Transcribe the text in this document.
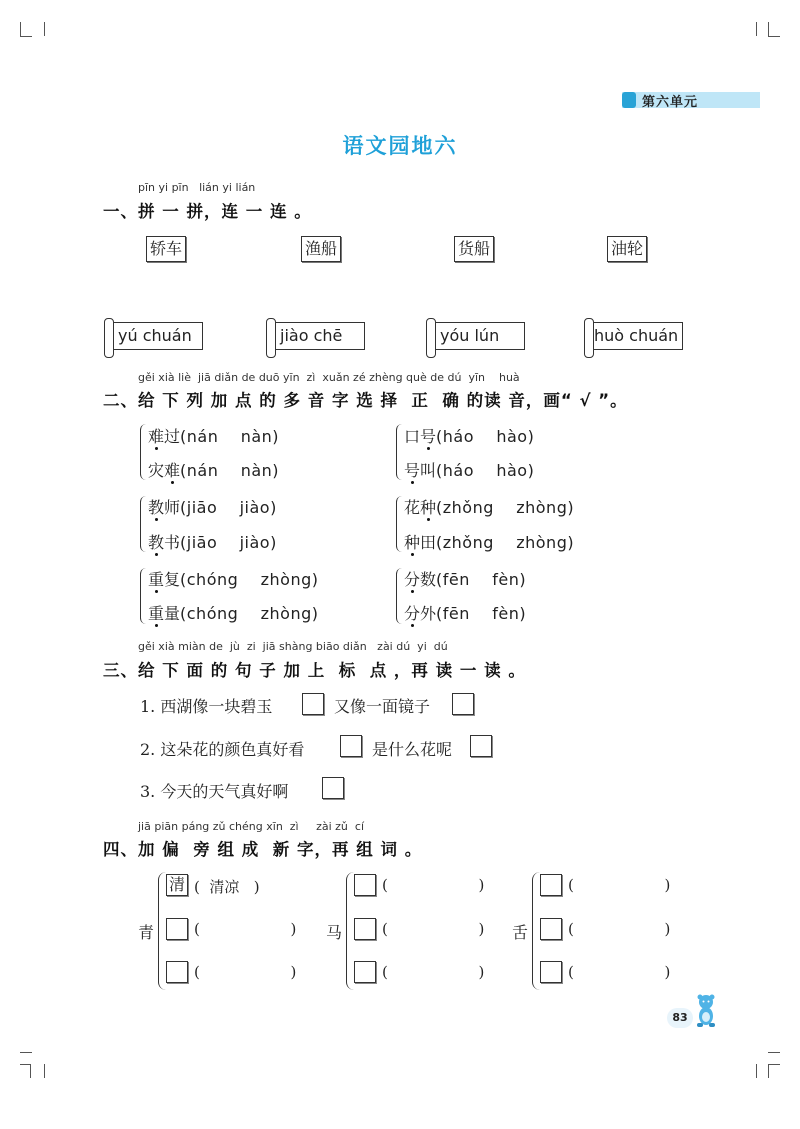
第六单元
语文园地六
pīn yi pīn   lián yi lián
一、拼 一 拼，连 一 连 。
轿车	渔船	货船	油轮
yú chuán	jiào chē	yóu lún	huò chuán
gěi xià liè  jiā diǎn de duō yīn  zì  xuǎn zé zhèng què de dú  yīn    huà
二、给 下 列 加 点 的 多 音 字 选 择  正  确 的读 音，画“ √ ”。
难过(nán    nàn)
灾难(nán    nàn)
口号(háo    hào)
号叫(háo    hào)
教师(jiāo    jiào)
教书(jiāo    jiào)
花种(zhǒng    zhòng)
种田(zhǒng    zhòng)
重复(chóng    zhòng)
重量(chóng    zhòng)
分数(fēn    fèn)
分外(fēn    fèn)
gěi xià miàn de  jù  zi  jiā shàng biāo diǎn   zài dú  yi  dú
三、给 下 面 的 句 子 加 上  标  点 ，再 读 一 读 。
1. 西湖像一块碧玉	又像一面镜子
2. 这朵花的颜色真好看	是什么花呢
3. 今天的天气真好啊
jiā piān páng zǔ chéng xīn  zì     zài zǔ  cí
四、加 偏  旁 组 成  新 字，再 组 词 。
青
清 (  清凉   )
(                   )
(                   )
马
(                   )
(                   )
(                   )
舌
(                   )
(                   )
(                   )
83
